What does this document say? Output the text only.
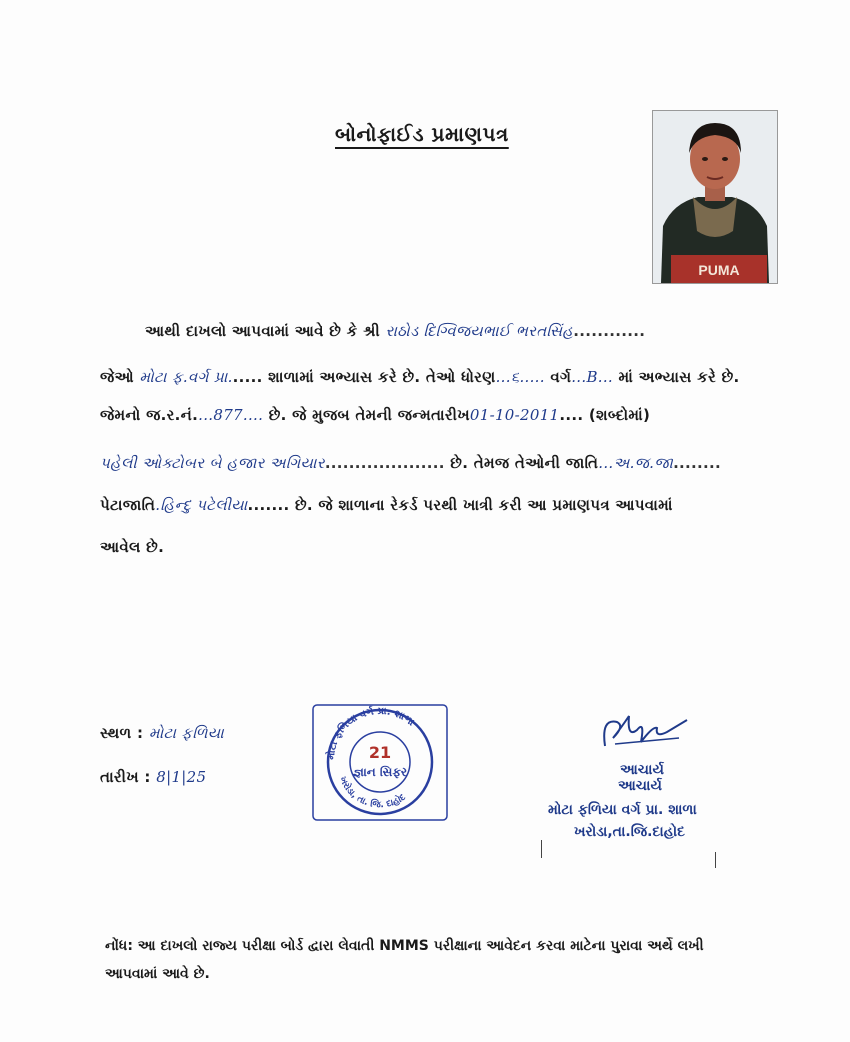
બોનોફાઈડ પ્રમાણપત્ર
PUMA
આથી દાખલો આપવામાં આવે છે કે શ્રી રાઠોડ દિગ્વિજયભાઈ ભરતસિંહ............
જેઓ મોટા ફ.વર્ગ પ્રા...... શાળામાં અભ્યાસ કરે છે. તેઓ ધોરણ...૬..... વર્ગ...B... માં અભ્યાસ કરે છે.
જેમનો જ.ર.નં....877.... છે. જે મુજબ તેમની જન્મતારીખ01-10-2011.... (શબ્દોમાં)
પહેલી ઓક્ટોબર બે હજાર અગિયાર.................... છે. તેમજ તેઓની જાતિ...અ.જ.જા........
પેટાજાતિ.હિન્દુ પટેલીયા....... છે. જે શાળાના રેકર્ડ પરથી ખાત્રી કરી આ પ્રમાણપત્ર આપવામાં
આવેલ છે.
સ્થળ : મોટા ફળિયા
તારીખ : 8|1|25
મોટા ફળિયા વર્ગ પ્રા. શાળા
ખરોડા, તા. જિ. દાહોદ
21
જ્ઞાન સિફર	આચાર્ય
આચાર્ય
મોટા ફળિયા વર્ગ પ્રા. શાળા
ખરોડા,તા.જિ.દાહોદ
નોંધ: આ દાખલો રાજ્ય પરીક્ષા બોર્ડ દ્વારા લેવાતી NMMS પરીક્ષાના આવેદન કરવા માટેના પુરાવા અર્થે લખી
આપવામાં આવે છે.
